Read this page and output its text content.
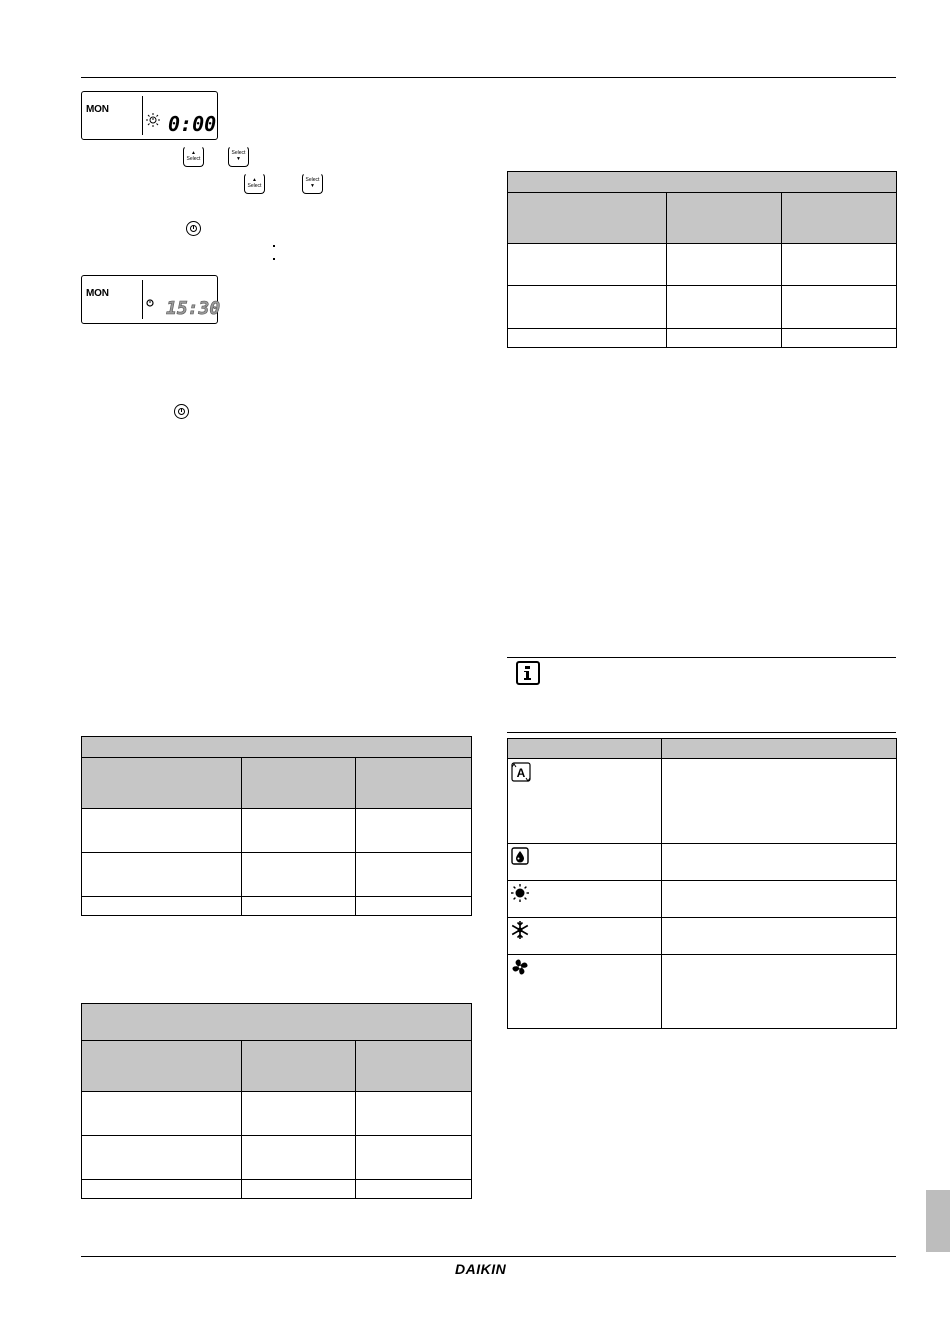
MON
0:00
▲
Select
Select
▼
▲
Select
Select
▼
MON
15:30

A	

DAIKIN
